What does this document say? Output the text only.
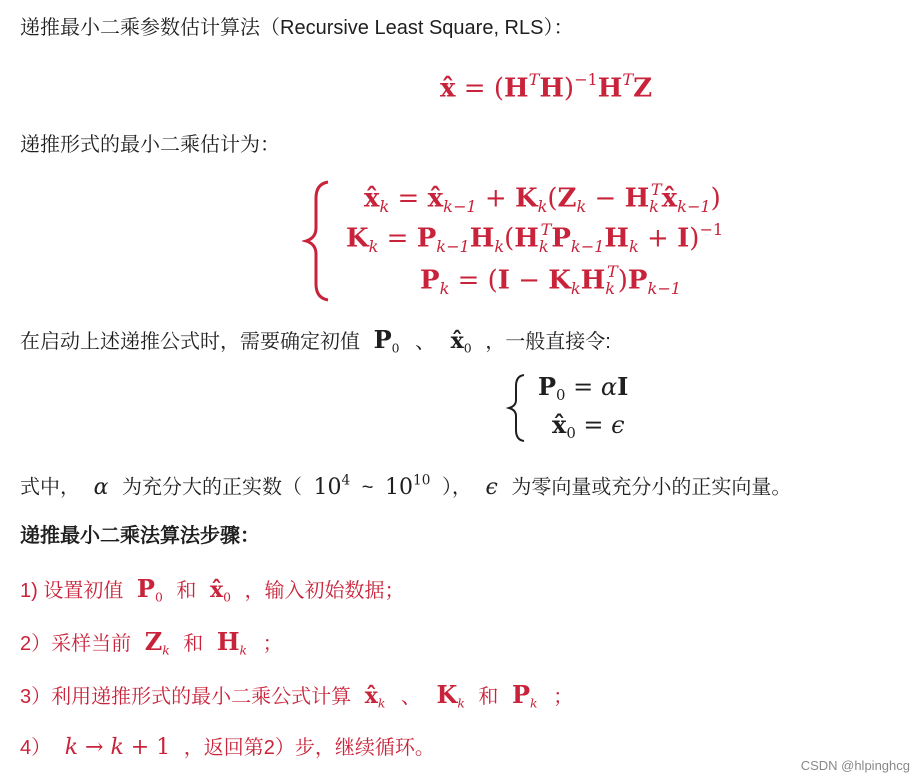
递推最小二乘参数估计算法（Recursive Least Square, RLS）：
x̂ = $(H^TH)^{-1}H^TZ$
递推形式的最小二乘估计为：
$x̂_k$ = $x̂_{k-1} + K_k(Z_k$ − $H_k^Tx̂_{k-1}$)
$K_k = P_{k-1}H_k(H_k^TP_{k-1}H_k + I)^{-1}$
$P_k = (I - K_kH_k^T)P_{k-1}$
在启动上述递推公式时，需要确定初值 $P_0$ 、 $x̂_0$ ，一般直接令:
$P_0 = \alpha I$
$x̂_0 = \epsilon$
式中， α 为充分大的正实数（ $10^4$ ~ $10^{10}$ ）， ϵ 为零向量或充分小的正实向量。
递推最小二乘法算法步骤：
1) 设置初值 $P_0$ 和 $x̂_0$ ，输入初始数据；
2）采样当前 $Z_k$ 和 $H_k$ ；
3）利用递推形式的最小二乘公式计算 $x̂_k$ 、 $K_k$ 和 $P_k$ ；
4） k → k + 1 ，返回第2）步，继续循环。
CSDN @hlpinghcg
